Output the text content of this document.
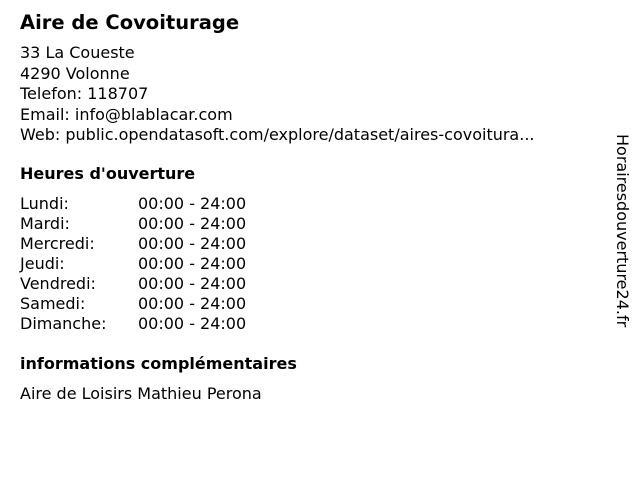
Aire de Covoiturage
33 La Coueste
4290 Volonne
Telefon: 118707
Email: info@blablacar.com
Web: public.opendatasoft.com/explore/dataset/aires-covoitura...
Heures d'ouverture
Lundi:	00:00 - 24:00
Mardi:	00:00 - 24:00
Mercredi:	00:00 - 24:00
Jeudi:	00:00 - 24:00
Vendredi:	00:00 - 24:00
Samedi:	00:00 - 24:00
Dimanche:	00:00 - 24:00
informations complémentaires
Aire de Loisirs Mathieu Perona
Horairesdouverture24.fr
